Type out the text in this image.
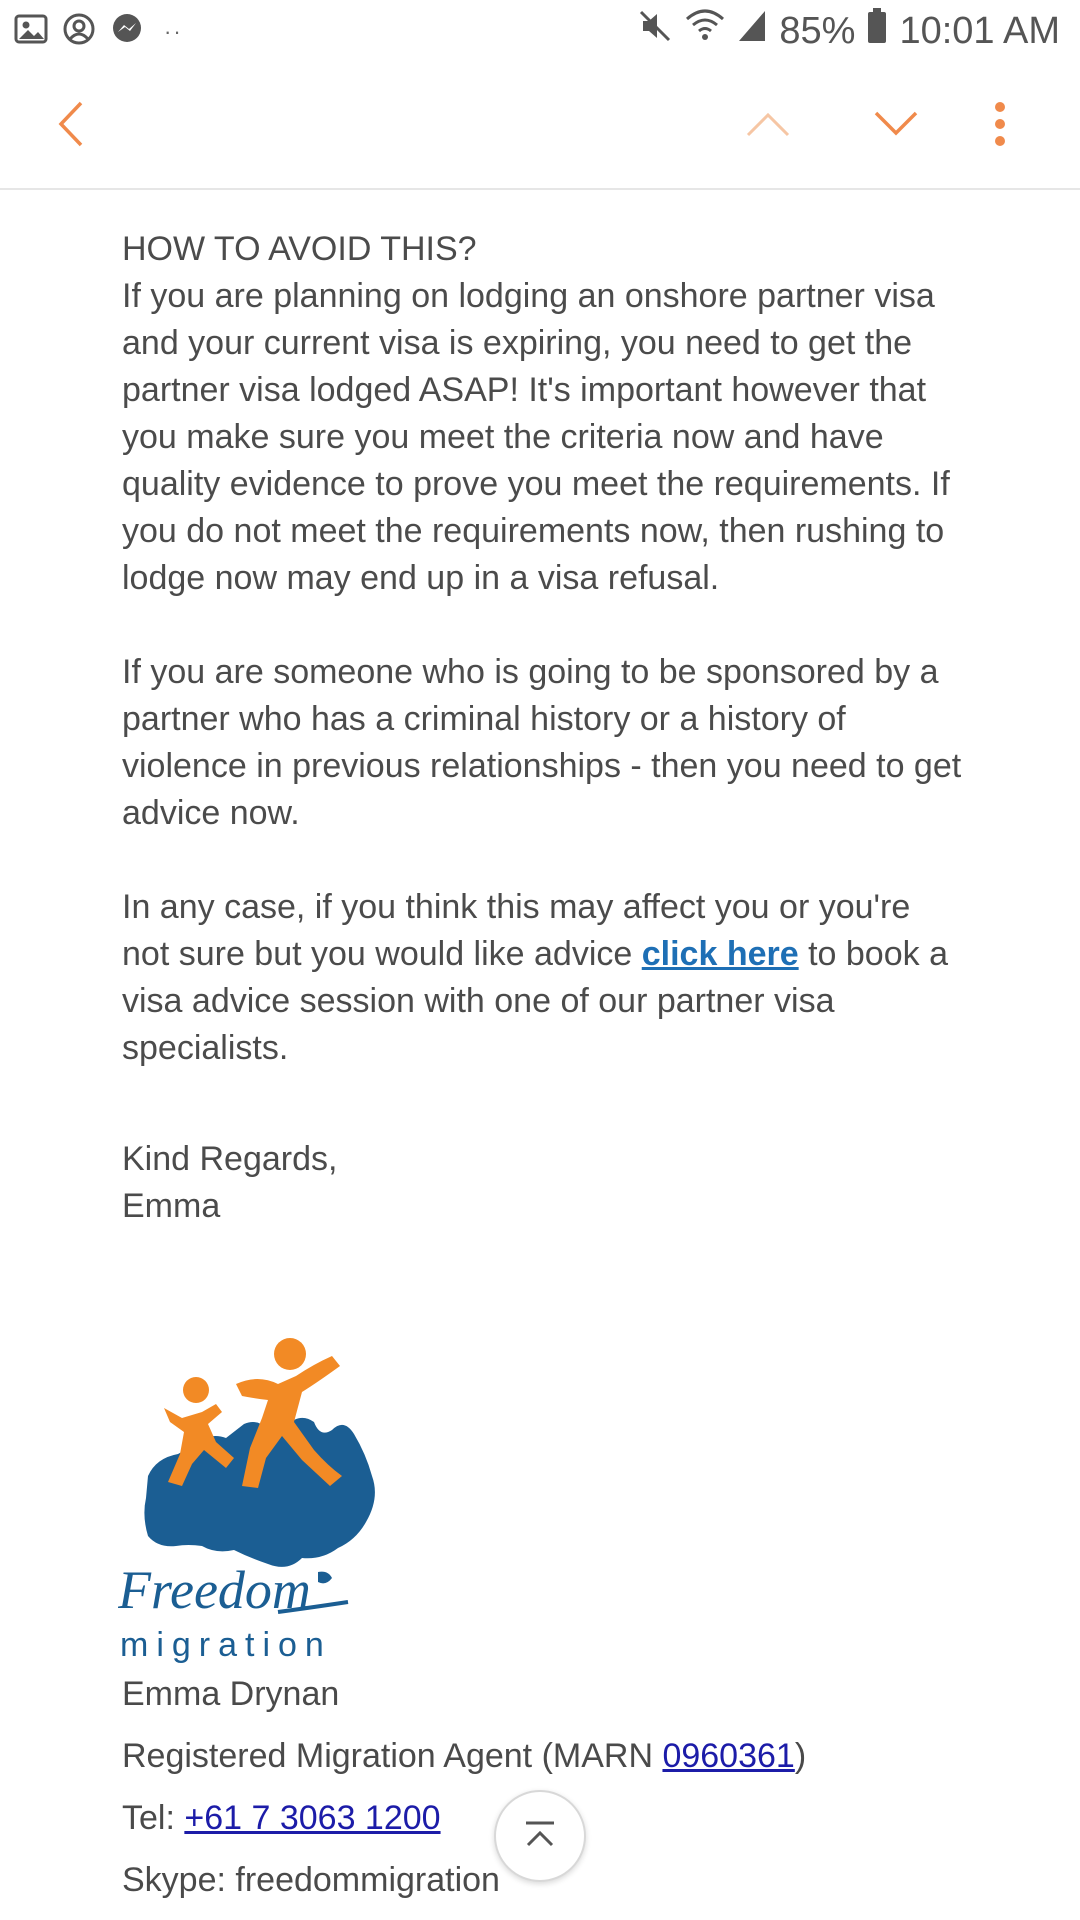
··	85% 10:01 AM

HOW TO AVOID THIS?

If you are planning on lodging an onshore partner visa and your current visa is expiring, you need to get the partner visa lodged ASAP! It's important however that you make sure you meet the criteria now and have quality evidence to prove you meet the requirements. If you do not meet the requirements now, then rushing to lodge now may end up in a visa refusal.

If you are someone who is going to be sponsored by a partner who has a criminal history or a history of violence in previous relationships - then you need to get advice now.

In any case, if you think this may affect you or you're not sure but you would like advice click here to book a visa advice session with one of our partner visa specialists.

Kind Regards,

Emma

Freedom
migration

Emma Drynan

Registered Migration Agent (MARN 0960361)

Tel: +61 7 3063 1200

Skype: freedommigration
